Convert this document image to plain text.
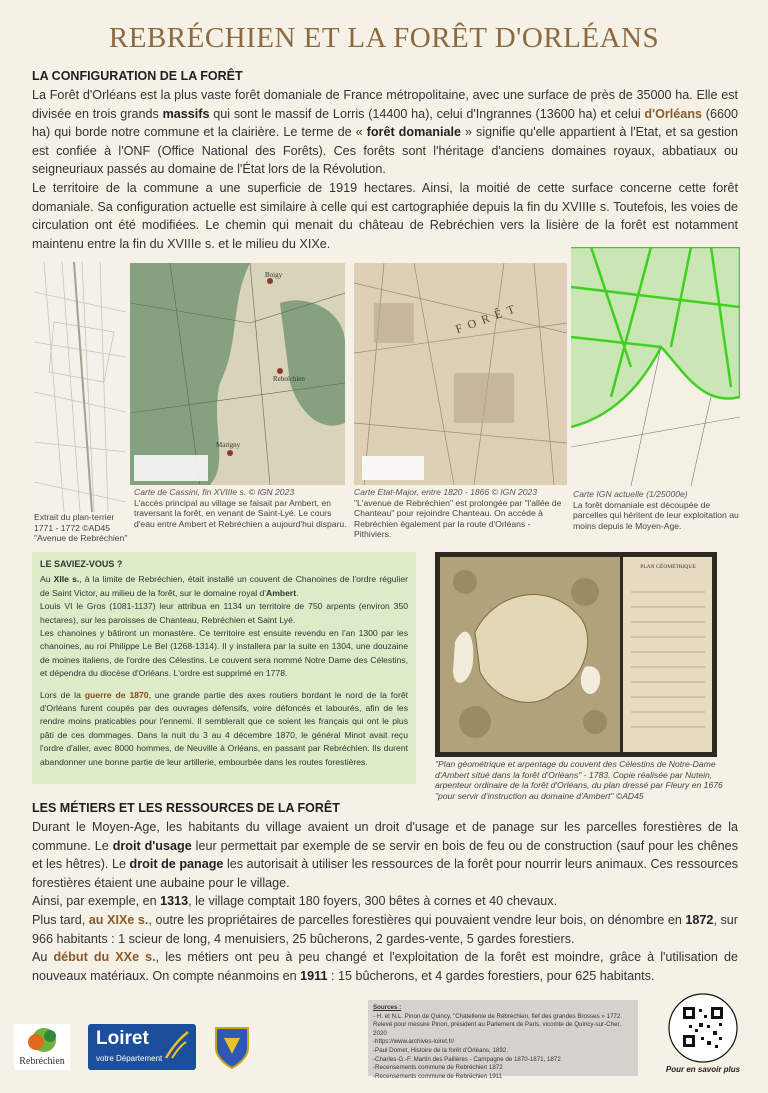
REBRÉCHIEN ET LA FORÊT D'ORLÉANS
LA CONFIGURATION DE LA FORÊT

La Forêt d'Orléans est la plus vaste forêt domaniale de France métropolitaine, avec une surface de près de 35000 ha. Elle est divisée en trois grands massifs qui sont le massif de Lorris (14400 ha), celui d'Ingrannes (13600 ha) et celui d'Orléans (6600 ha) qui borde notre commune et la clairière. Le terme de « forêt domaniale » signifie qu'elle appartient à l'Etat, et sa gestion est confiée à l'ONF (Office National des Forêts). Ces forêts sont l'héritage d'anciens domaines royaux, abbatiaux ou seigneuriaux passés au domaine de l'État lors de la Révolution.

Le territoire de la commune a une superficie de 1919 hectares. Ainsi, la moitié de cette surface concerne cette forêt domaniale. Sa configuration actuelle est similaire à celle qui est cartographiée depuis la fin du XVIIIe s. Toutefois, les voies de circulation ont été modifiées. Le chemin qui menait du château de Rebréchien vers la lisière de la forêt est notamment maintenu entre la fin du XVIIIe s. et le milieu du XIXe.

Extrait du plan-terrier 1771 - 1772 ©AD45 "Avenue de Rebréchien"
Boigy
Rebréchien
Marigny
Carte de Cassini, fin XVIIIe s. © IGN 2023
L'accès principal au village se faisait par Ambert, en traversant la forêt, en venant de Saint-Lyé. Le cours d'eau entre Ambert et Rebréchien a aujourd'hui disparu.
FORÊT
Carte Etat-Major, entre 1820 - 1866 © IGN 2023
"L'avenue de Rebréchien" est prolongée par "l'allée de Chanteau" pour rejoindre Chanteau. On accède à Rebréchien également par la route d'Orléans - Pithiviers.
Carte IGN actuelle (1/25000e)
La forêt domaniale est découpée de parcelles qui héritent de leur exploitation au moins depuis le Moyen-Age.
LE SAVIEZ-VOUS ?

Au XIIe s., à la limite de Rebréchien, était installé un couvent de Chanoines de l'ordre régulier de Saint Victor, au milieu de la forêt, sur le domaine royal d'Ambert.
Louis VI le Gros (1081-1137) leur attribua en 1134 un territoire de 750 arpents (environ 350 hectares), sur les paroisses de Chanteau, Rebréchien et Saint Lyé.
Les chanoines y bâtiront un monastère. Ce territoire est ensuite revendu en l'an 1300 par les chanoines, au roi Philippe Le Bel (1268-1314). Il y installera par la suite en 1304, une douzaine de moines italiens, de l'ordre des Célestins. Le couvent sera nommé Notre Dame des Célestins, et dépendra du diocèse d'Orléans. L'ordre est supprimé en 1778.

Lors de la guerre de 1870, une grande partie des axes routiers bordant le nord de la forêt d'Orléans furent coupés par des ouvrages défensifs, voire défoncés et labourés, afin de les rendre moins praticables pour l'ennemi. Il semblerait que ce soient les français qui ont le plus pâti de ces dommages. Dans la nuit du 3 au 4 décembre 1870, le général Minot avait reçu l'ordre d'aller, avec 8000 hommes, de Neuville à Orléans, en passant par Rebréchien. Ils durent abandonner une bonne partie de leur artillerie, embourbée dans les routes forestières.

PLAN GÉOMÉTRIQUE
"Plan géométrique et arpentage du couvent des Célestins de Notre-Dame d'Ambert situé dans la forêt d'Orléans" - 1783. Copie réalisée par Nutein, arpenteur ordinaire de la forêt d'Orléans, du plan dressé par Fleury en 1676 "pour servir d'instruction au domaine d'Ambert" ©AD45
LES MÉTIERS ET LES RESSOURCES DE LA FORÊT

Durant le Moyen-Age, les habitants du village avaient un droit d'usage et de panage sur les parcelles forestières de la commune. Le droit d'usage leur permettait par exemple de se servir en bois de feu ou de construction (sauf pour les chênes et les hêtres). Le droit de panage les autorisait à utiliser les ressources de la forêt pour nourrir leurs animaux. Ces ressources forestières étaient une aubaine pour le village.

Ainsi, par exemple, en 1313, le village comptait 180 foyers, 300 bêtes à cornes et 40 chevaux.

Plus tard, au XIXe s., outre les propriétaires de parcelles forestières qui pouvaient vendre leur bois, on dénombre en 1872, sur 966 habitants : 1 scieur de long, 4 menuisiers, 25 bûcherons, 2 gardes-vente, 5 gardes forestiers.

Au début du XXe s., les métiers ont peu à peu changé et l'exploitation de la forêt est moindre, grâce à l'utilisation de nouveaux matériaux. On compte néanmoins en 1911 : 15 bûcherons, et 4 gardes forestiers, pour 625 habitants.

Sources :
- H. et N.L. Pinon de Quincy, "Chatellenie de Rébréchien, fief des grandes Brosses » 1772.
Relevé pour messire Pinon, président au Parlement de Paris, vicomte de Quincy-sur-Cher, 2020
-https://www.archives-loiret.fr/
-Paul Domet, Histoire de la forêt d'Orléans, 1892.
-Charles-G.-F. Martin des Pallières - Campagne de 1870-1871, 1872
-Recensements commune de Rebréchien 1872
-Recensements commune de Rebréchien 1911
Rebréchien
Loiret
votre Département
Pour en savoir plus
